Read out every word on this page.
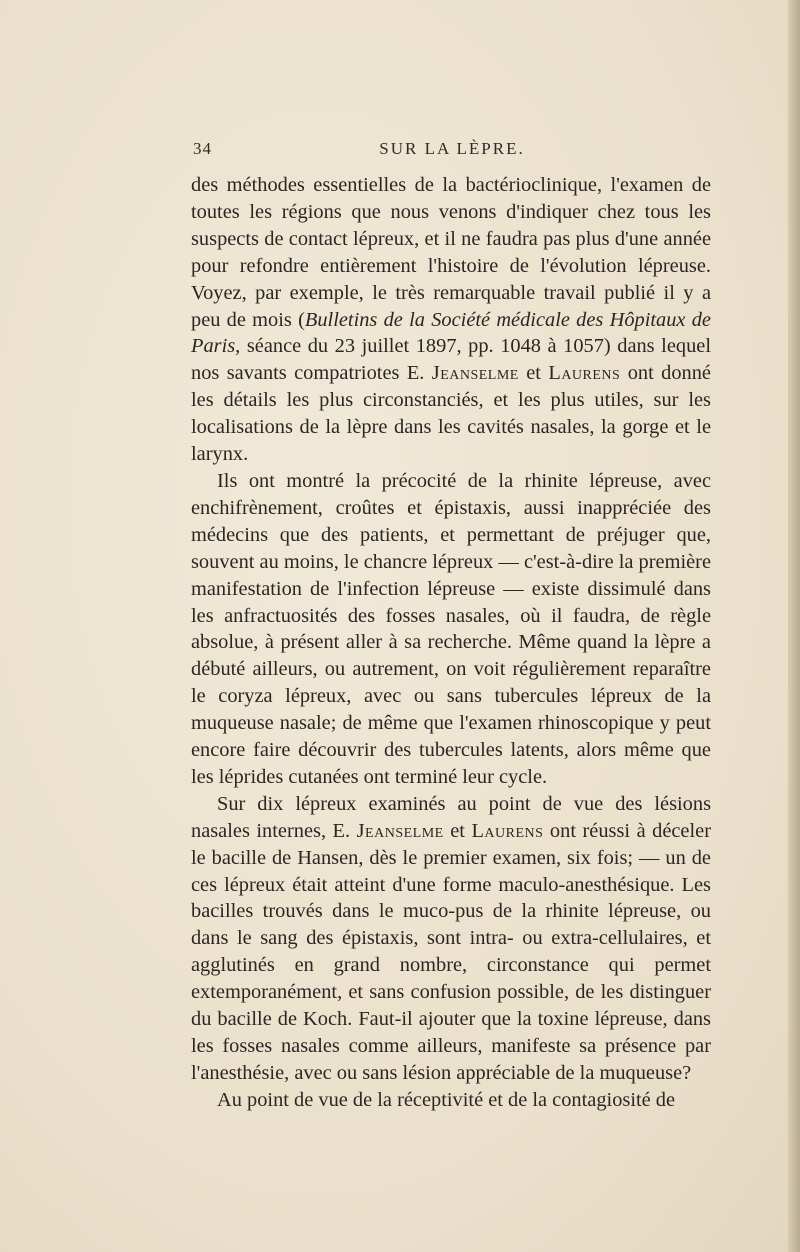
34	SUR LA LÈPRE.

des méthodes essentielles de la bactérioclinique, l'examen de toutes les régions que nous venons d'indiquer chez tous les suspects de contact lépreux, et il ne faudra pas plus d'une année pour refondre entièrement l'histoire de l'évolution lépreuse. Voyez, par exemple, le très remarquable travail publié il y a peu de mois (Bulletins de la Société médicale des Hôpitaux de Paris, séance du 23 juillet 1897, pp. 1048 à 1057) dans lequel nos savants compatriotes E. Jeanselme et Laurens ont donné les détails les plus circonstanciés, et les plus utiles, sur les localisations de la lèpre dans les cavités nasales, la gorge et le larynx.

Ils ont montré la précocité de la rhinite lépreuse, avec enchifrènement, croûtes et épistaxis, aussi inappréciée des médecins que des patients, et permettant de préjuger que, souvent au moins, le chancre lépreux — c'est-à-dire la première manifestation de l'infection lépreuse — existe dissimulé dans les anfractuosités des fosses nasales, où il faudra, de règle absolue, à présent aller à sa recherche. Même quand la lèpre a débuté ailleurs, ou autrement, on voit régulièrement reparaître le coryza lépreux, avec ou sans tubercules lépreux de la muqueuse nasale; de même que l'examen rhinoscopique y peut encore faire découvrir des tubercules latents, alors même que les léprides cutanées ont terminé leur cycle.

Sur dix lépreux examinés au point de vue des lésions nasales internes, E. Jeanselme et Laurens ont réussi à déceler le bacille de Hansen, dès le premier examen, six fois; — un de ces lépreux était atteint d'une forme maculo-anesthésique. Les bacilles trouvés dans le muco-pus de la rhinite lépreuse, ou dans le sang des épistaxis, sont intra- ou extra-cellulaires, et agglutinés en grand nombre, circonstance qui permet extemporanément, et sans confusion possible, de les distinguer du bacille de Koch. Faut-il ajouter que la toxine lépreuse, dans les fosses nasales comme ailleurs, manifeste sa présence par l'anesthésie, avec ou sans lésion appréciable de la muqueuse?

Au point de vue de la réceptivité et de la contagiosité de
